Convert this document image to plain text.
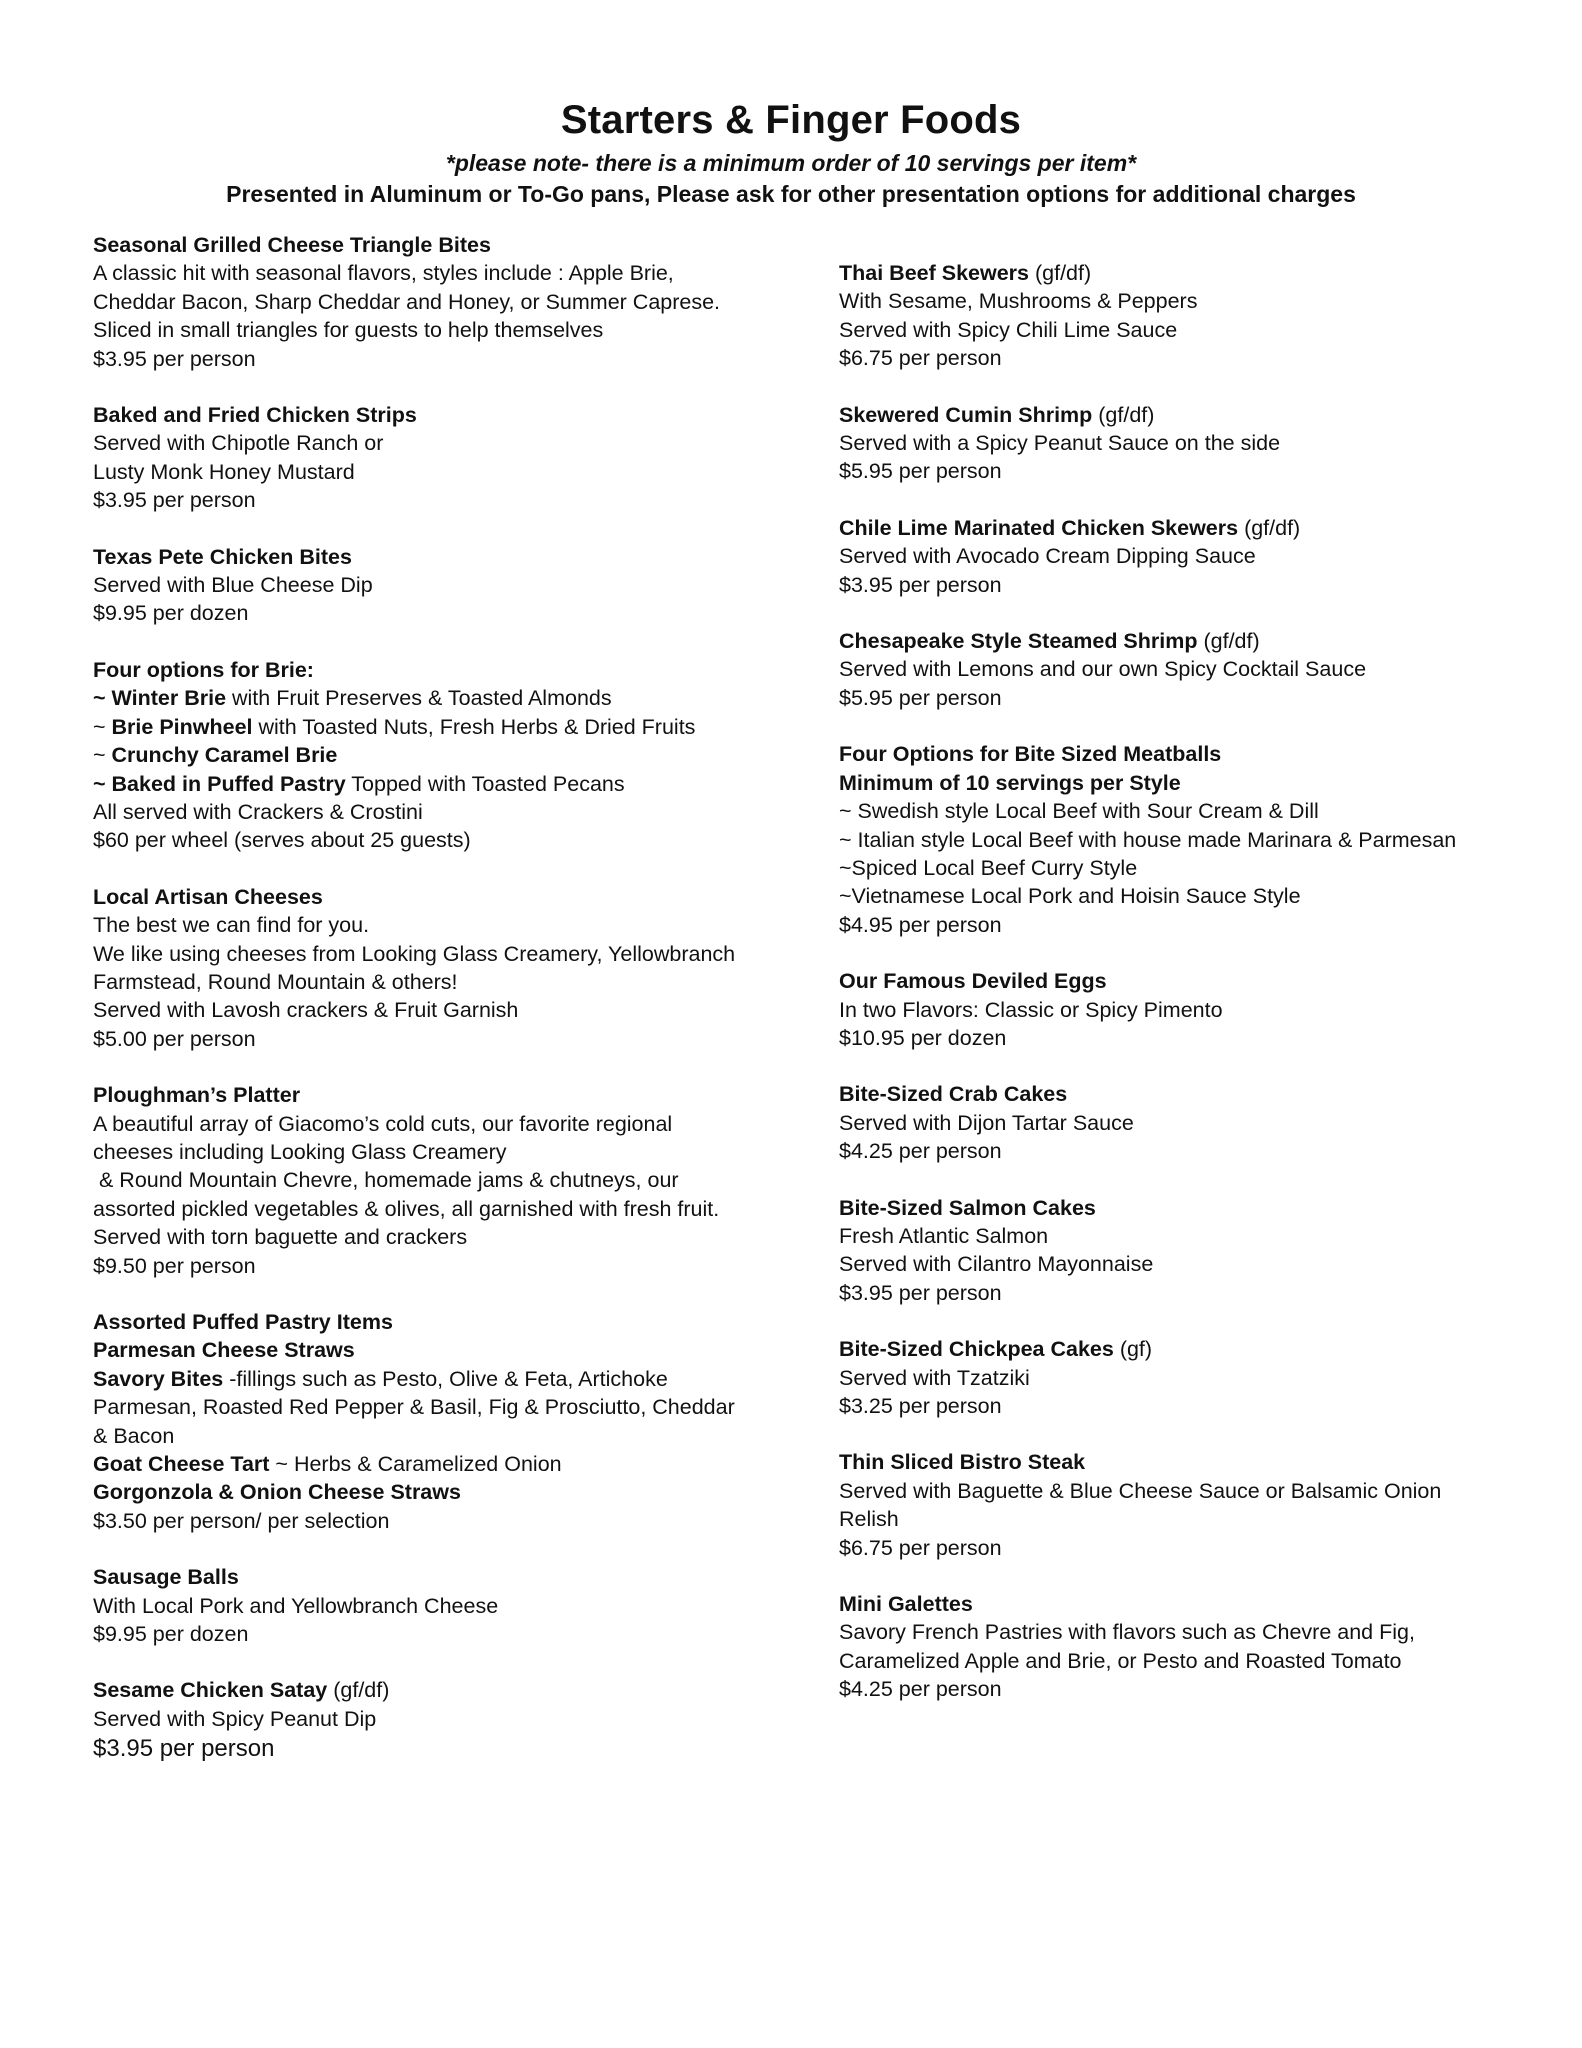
Starters & Finger Foods
*please note- there is a minimum order of 10 servings per item*
Presented in Aluminum or To-Go pans, Please ask for other presentation options for additional charges
Seasonal Grilled Cheese Triangle Bites
A classic hit with seasonal flavors, styles include : Apple Brie,
Cheddar Bacon, Sharp Cheddar and Honey, or Summer Caprese.
Sliced in small triangles for guests to help themselves
$3.95 per person
Baked and Fried Chicken Strips
Served with Chipotle Ranch or
Lusty Monk Honey Mustard
$3.95 per person
Texas Pete Chicken Bites
Served with Blue Cheese Dip
$9.95 per dozen
Four options for Brie:
~ Winter Brie with Fruit Preserves & Toasted Almonds
~ Brie Pinwheel with Toasted Nuts, Fresh Herbs & Dried Fruits
~ Crunchy Caramel Brie
~ Baked in Puffed Pastry Topped with Toasted Pecans
All served with Crackers & Crostini
$60 per wheel (serves about 25 guests)
Local Artisan Cheeses
The best we can find for you.
We like using cheeses from Looking Glass Creamery, Yellowbranch
Farmstead, Round Mountain & others!
Served with Lavosh crackers & Fruit Garnish
$5.00 per person
Ploughman’s Platter
A beautiful array of Giacomo’s cold cuts, our favorite regional
cheeses including Looking Glass Creamery
& Round Mountain Chevre, homemade jams & chutneys, our
assorted pickled vegetables & olives, all garnished with fresh fruit.
Served with torn baguette and crackers
$9.50 per person
Assorted Puffed Pastry Items
Parmesan Cheese Straws
Savory Bites -fillings such as Pesto, Olive & Feta, Artichoke
Parmesan, Roasted Red Pepper & Basil, Fig & Prosciutto, Cheddar
& Bacon
Goat Cheese Tart ~ Herbs & Caramelized Onion
Gorgonzola & Onion Cheese Straws
$3.50 per person/ per selection
Sausage Balls
With Local Pork and Yellowbranch Cheese
$9.95 per dozen
Sesame Chicken Satay (gf/df)
Served with Spicy Peanut Dip
$3.95 per person
Thai Beef Skewers (gf/df)
With Sesame, Mushrooms & Peppers
Served with Spicy Chili Lime Sauce
$6.75 per person
Skewered Cumin Shrimp (gf/df)
Served with a Spicy Peanut Sauce on the side
$5.95 per person
Chile Lime Marinated Chicken Skewers (gf/df)
Served with Avocado Cream Dipping Sauce
$3.95 per person
Chesapeake Style Steamed Shrimp (gf/df)
Served with Lemons and our own Spicy Cocktail Sauce
$5.95 per person
Four Options for Bite Sized Meatballs
Minimum of 10 servings per Style
~ Swedish style Local Beef with Sour Cream & Dill
~ Italian style Local Beef with house made Marinara & Parmesan
~Spiced Local Beef Curry Style
~Vietnamese Local Pork and Hoisin Sauce Style
$4.95 per person
Our Famous Deviled Eggs
In two Flavors: Classic or Spicy Pimento
$10.95 per dozen
Bite-Sized Crab Cakes
Served with Dijon Tartar Sauce
$4.25 per person
Bite-Sized Salmon Cakes
Fresh Atlantic Salmon
Served with Cilantro Mayonnaise
$3.95 per person
Bite-Sized Chickpea Cakes (gf)
Served with Tzatziki
$3.25 per person
Thin Sliced Bistro Steak
Served with Baguette & Blue Cheese Sauce or Balsamic Onion
Relish
$6.75 per person
Mini Galettes
Savory French Pastries with flavors such as Chevre and Fig,
Caramelized Apple and Brie, or Pesto and Roasted Tomato
$4.25 per person
